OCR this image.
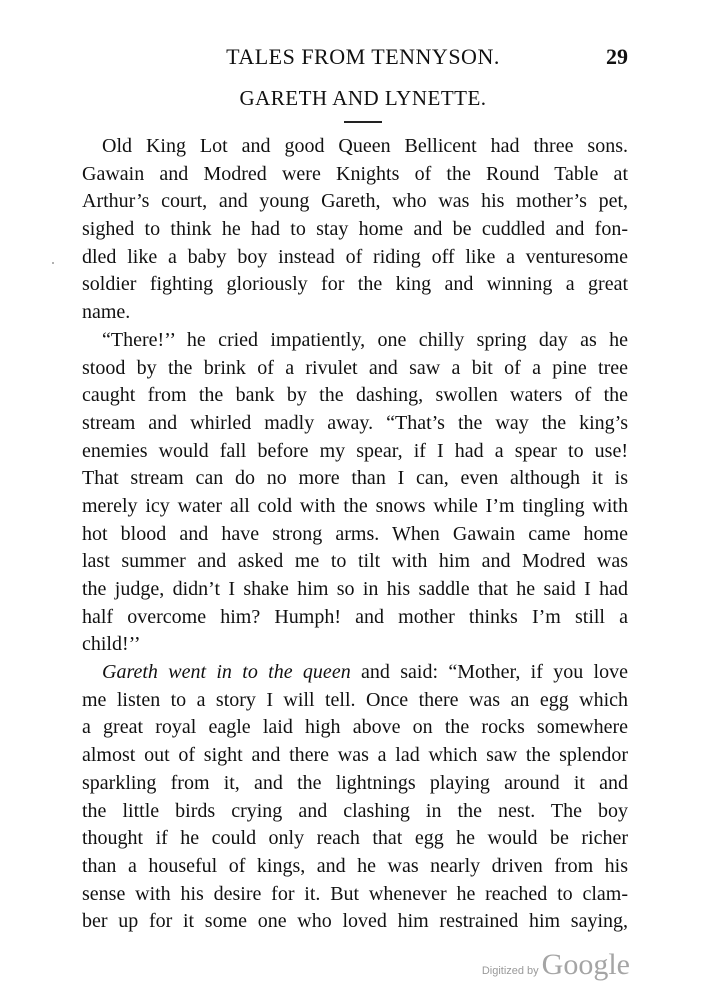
TALES FROM TENNYSON.	29
GARETH AND LYNETTE.
Old King Lot and good Queen Bellicent had three sons.
Gawain and Modred were Knights of the Round Table at
Arthur’s court, and young Gareth, who was his mother’s pet,
sighed to think he had to stay home and be cuddled and fon-
dled like a baby boy instead of riding off like a venturesome
soldier fighting gloriously for the king and winning a great
name.
“There!’’ he cried impatiently, one chilly spring day as he
stood by the brink of a rivulet and saw a bit of a pine tree
caught from the bank by the dashing, swollen waters of the
stream and whirled madly away. “That’s the way the king’s
enemies would fall before my spear, if I had a spear to use!
That stream can do no more than I can, even although it is
merely icy water all cold with the snows while I’m tingling with
hot blood and have strong arms. When Gawain came home
last summer and asked me to tilt with him and Modred was
the judge, didn’t I shake him so in his saddle that he said I had
half overcome him? Humph! and mother thinks I’m still a
child!’’
Gareth went in to the queen and said: “Mother, if you love
me listen to a story I will tell. Once there was an egg which
a great royal eagle laid high above on the rocks somewhere
almost out of sight and there was a lad which saw the splendor
sparkling from it, and the lightnings playing around it and
the little birds crying and clashing in the nest. The boy
thought if he could only reach that egg he would be richer
than a houseful of kings, and he was nearly driven from his
sense with his desire for it. But whenever he reached to clam-
ber up for it some one who loved him restrained him saying,
Digitized by Google
